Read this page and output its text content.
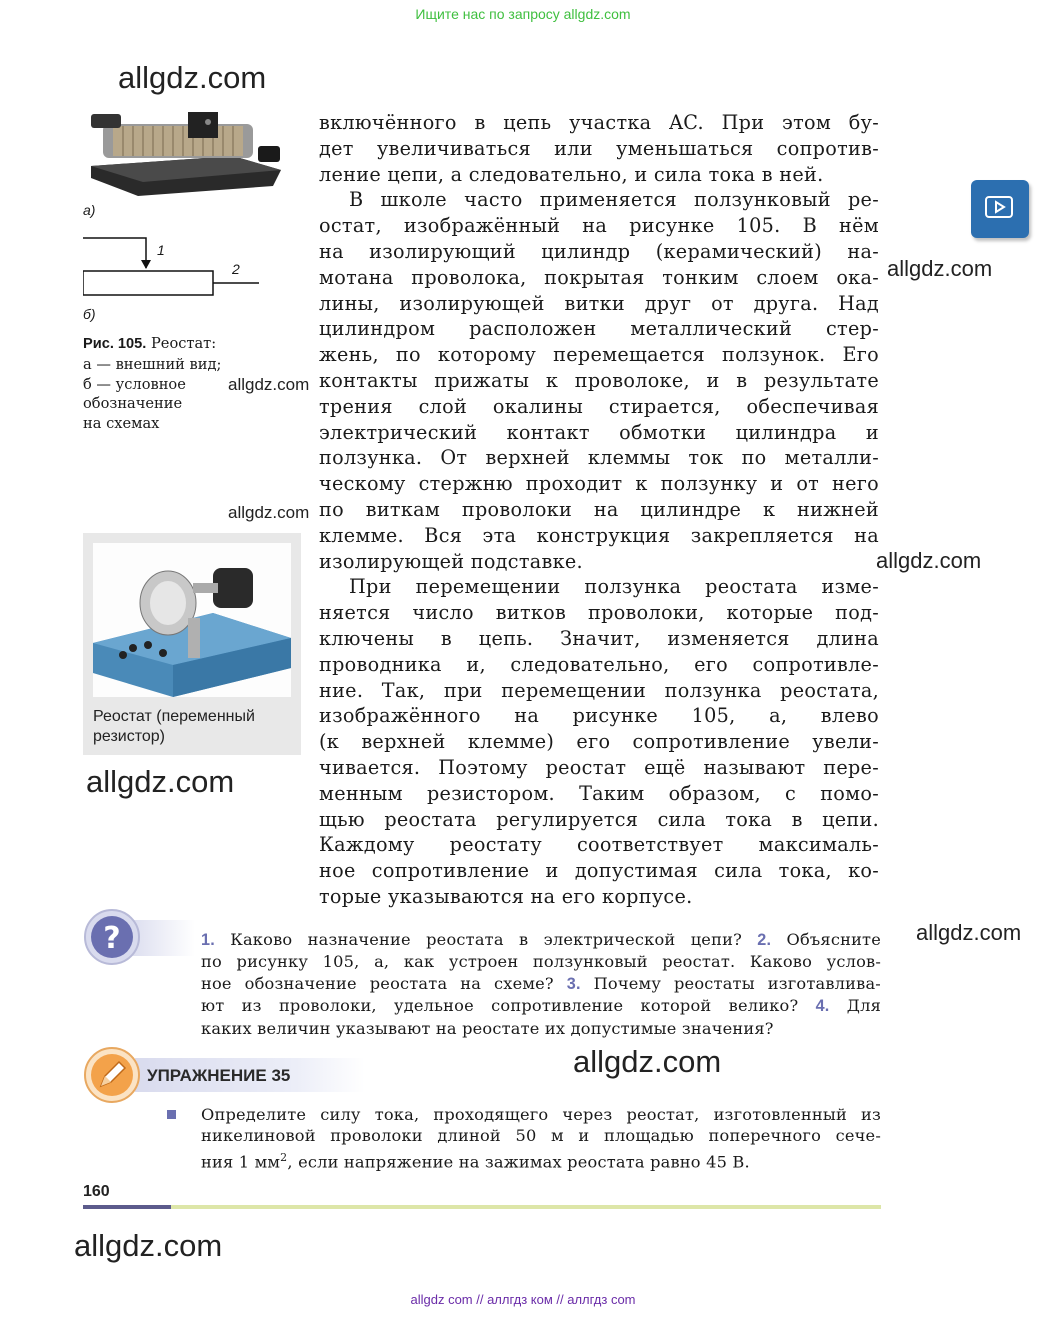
Ищите нас по запросу allgdz.com
allgdz.com
allgdz.com
allgdz.com
allgdz.com
allgdz.com
allgdz.com
allgdz.com
allgdz.com
allgdz.com
а)
1
2
б)
Рис. 105. Реостат:
а — внешний вид;
б — условное
обозначение
на схемах
Реостат (переменный резистор)

включённого в цепь участка AC. При этом бу-

дет увеличиваться или уменьшаться сопротив-

ление цепи, а следовательно, и сила тока в ней.

В школе часто применяется ползунковый ре-

остат, изображённый на рисунке 105. В нём

на изолирующий цилиндр (керамический) на-

мотана проволока, покрытая тонким слоем ока-

лины, изолирующей витки друг от друга. Над

цилиндром расположен металлический стер-

жень, по которому перемещается ползунок. Его

контакты прижаты к проволоке, и в результате

трения слой окалины стирается, обеспечивая

электрический контакт обмотки цилиндра и

ползунка. От верхней клеммы ток по металли-

ческому стержню проходит к ползунку и от него

по виткам проволоки на цилиндре к нижней

клемме. Вся эта конструкция закрепляется на

изолирующей подставке.

При перемещении ползунка реостата изме-

няется число витков проволоки, которые под-

ключены в цепь. Значит, изменяется длина

проводника и, следовательно, его сопротивле-

ние. Так, при перемещении ползунка реостата,

изображённого на рисунке 105, а, влево

(к верхней клемме) его сопротивление увели-

чивается. Поэтому реостат ещё называют пере-

менным резистором. Таким образом, с помо-

щью реостата регулируется сила тока в цепи.

Каждому реостату соответствует максималь-

ное сопротивление и допустимая сила тока, ко-

торые указываются на его корпусе.

?	1. Каково назначение реостата в электрической цепи? 2. Объясните

по рисунку 105, а, как устроен ползунковый реостат. Каково услов-

ное обозначение реостата на схеме? 3. Почему реостаты изготавлива-

ют из проволоки, удельное сопротивление которой велико? 4. Для

каких величин указывают на реостате их допустимые значения?

УПРАЖНЕНИЕ 35

Определите силу тока, проходящего через реостат, изготовленный из

никелиновой проволоки длиной 50 м и площадью поперечного сече-

ния 1 $мм^2$, если напряжение на зажимах реостата равно 45 В.

160
allgdz com // аллгдз ком // аллгдз com
